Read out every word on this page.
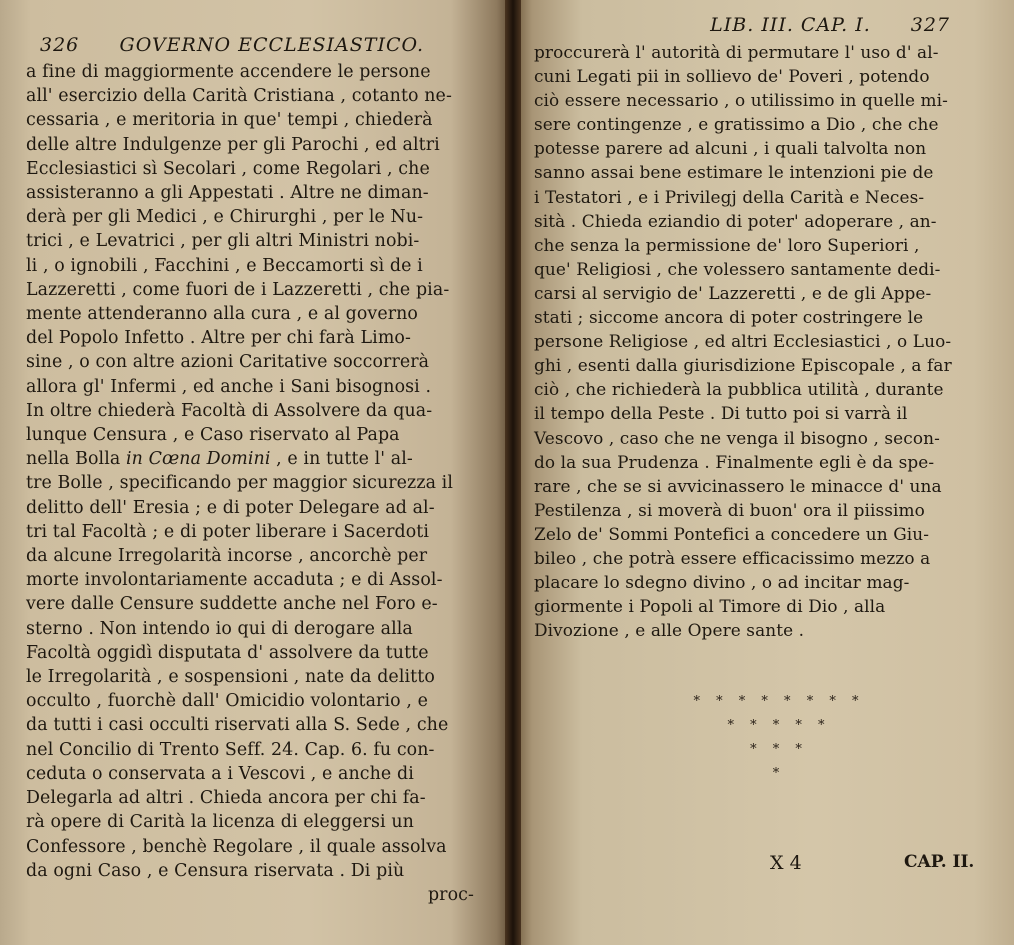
326 GOVERNO ECCLESIASTICO.
a fine di maggiormente accendere le persone
all' esercizio della Carità Cristiana , cotanto ne-
cessaria , e meritoria in que' tempi , chiederà
delle altre Indulgenze per gli Parochi , ed altri
Ecclesiastici sì Secolari , come Regolari , che
assisteranno a gli Appestati . Altre ne diman-
derà per gli Medici , e Chirurghi , per le Nu-
trici , e Levatrici , per gli altri Ministri nobi-
li , o ignobili , Facchini , e Beccamorti sì de i
Lazzeretti , come fuori de i Lazzeretti , che pia-
mente attenderanno alla cura , e al governo
del Popolo Infetto . Altre per chi farà Limo-
sine , o con altre azioni Caritative soccorrerà
allora gl' Infermi , ed anche i Sani bisognosi .
In oltre chiederà Facoltà di Assolvere da qua-
lunque Censura , e Caso riservato al Papa
nella Bolla in Cœna Domini , e in tutte l' al-
tre Bolle , specificando per maggior sicurezza il
delitto dell' Eresia ; e di poter Delegare ad al-
tri tal Facoltà ; e di poter liberare i Sacerdoti
da alcune Irregolarità incorse , ancorchè per
morte involontariamente accaduta ; e di Assol-
vere dalle Censure suddette anche nel Foro e-
sterno . Non intendo io qui di derogare alla
Facoltà oggidì disputata d' assolvere da tutte
le Irregolarità , e sospensioni , nate da delitto
occulto , fuorchè dall' Omicidio volontario , e
da tutti i casi occulti riservati alla S. Sede , che
nel Concilio di Trento Seff. 24. Cap. 6. fu con-
ceduta o conservata a i Vescovi , e anche di
Delegarla ad altri . Chieda ancora per chi fa-
rà opere di Carità la licenza di eleggersi un
Confessore , benchè Regolare , il quale assolva
da ogni Caso , e Censura riservata . Di più
proc-
LIB. III. CAP. I. 327
proccurerà l' autorità di permutare l' uso d' al-
cuni Legati pii in sollievo de' Poveri , potendo
ciò essere necessario , o utilissimo in quelle mi-
sere contingenze , e gratissimo a Dio , che che
potesse parere ad alcuni , i quali talvolta non
sanno assai bene estimare le intenzioni pie de
i Testatori , e i Privilegj della Carità e Neces-
sità . Chieda eziandio di poter' adoperare , an-
che senza la permissione de' loro Superiori ,
que' Religiosi , che volessero santamente dedi-
carsi al servigio de' Lazzeretti , e de gli Appe-
stati ; siccome ancora di poter costringere le
persone Religiose , ed altri Ecclesiastici , o Luo-
ghi , esenti dalla giurisdizione Episcopale , a far
ciò , che richiederà la pubblica utilità , durante
il tempo della Peste . Di tutto poi si varrà il
Vescovo , caso che ne venga il bisogno , secon-
do la sua Prudenza . Finalmente egli è da spe-
rare , che se si avvicinassero le minacce d' una
Pestilenza , si moverà di buon' ora il piissimo
Zelo de' Sommi Pontefici a concedere un Giu-
bileo , che potrà essere efficacissimo mezzo a
placare lo sdegno divino , o ad incitar mag-
giormente i Popoli al Timore di Dio , alla
Divozione , e alle Opere sante .
* * * * * * * *
* * * * *
* * *
*
X 4	CAP. II.
